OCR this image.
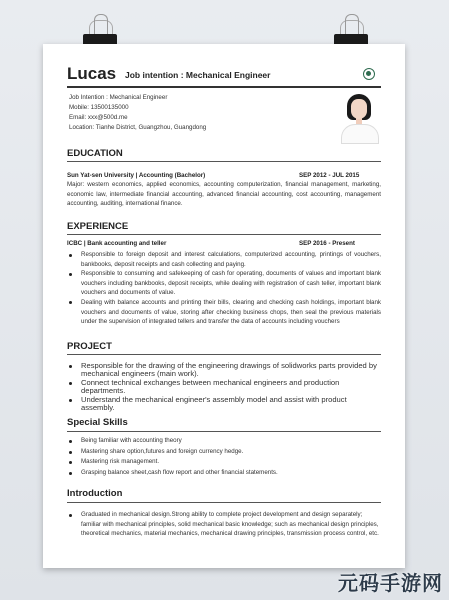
Lucas Job intention : Mechanical Engineer
Job Intention : Mechanical Engineer
Mobile: 13500135000
Email: xxx@500d.me
Location: Tianhe District, Guangzhou, Guangdong
EDUCATION
Sun Yat-sen University | Accounting (Bachelor)	SEP 2012 - JUL 2015
Major: western economics, applied economics, accounting computerization, financial management, marketing, economic law, intermediate financial accounting, advanced financial accounting, cost accounting, management accounting, auditing, international finance.
EXPERIENCE
ICBC | Bank accounting and teller	SEP 2016 - Present
Responsible to foreign deposit and interest calculations, computerized accounting, printings of vouchers, bankbooks, deposit receipts and cash collecting and paying.
Responsible to consuming and safekeeping of cash for operating, documents of values and important blank vouchers including bankbooks, deposit receipts, while dealing with registration of cash teller, important blank vouchers and documents of value.
Dealing with balance accounts and printing their bills, clearing and checking cash holdings, important blank vouchers and documents of value, storing after checking business chops, then seal the previous materials under the supervision of integrated tellers and transfer the data of accounts including vouchers
PROJECT
Responsible for the drawing of the engineering drawings of solidworks parts provided by mechanical engineers (main work).
Connect technical exchanges between mechanical engineers and production departments.
Understand the mechanical engineer's assembly model and assist with product assembly.
Special Skills
Being familiar with accounting theory
Mastering share option,futures and foreign currency hedge.
Mastering risk management.
Grasping balance sheet,cash flow report and other financial statements.
Introduction
Graduated in mechanical design.Strong ability to complete project development and design separately; familiar with mechanical principles, solid mechanical basic knowledge; such as mechanical design principles, theoretical mechanics, material mechanics, mechanical drawing principles, transmission process control, etc.
元码手游网
